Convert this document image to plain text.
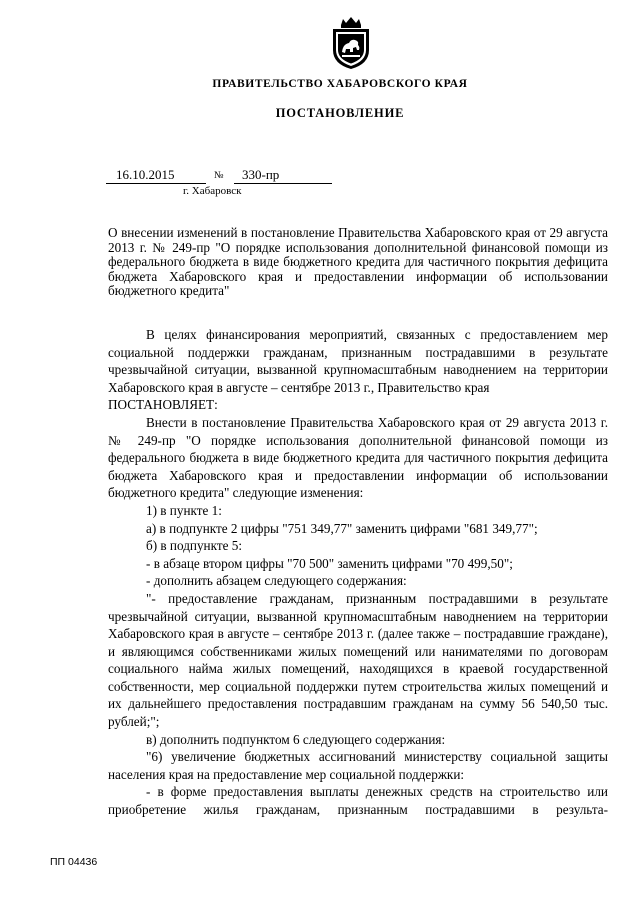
ПРАВИТЕЛЬСТВО ХАБАРОВСКОГО КРАЯ
ПОСТАНОВЛЕНИЕ
16.10.2015	№	330-пр
г. Хабаровск
О внесении изменений в постановление Правительства Хабаровского края от 29 августа 2013 г. № 249-пр "О порядке использования дополнительной финансовой помощи из федерального бюджета в виде бюджетного кредита для частичного покрытия дефицита бюджета Хабаровского края и предоставлении информации об использовании бюджетного кредита"

В целях финансирования мероприятий, связанных с предоставлением мер социальной поддержки гражданам, признанным пострадавшими в результате чрезвычайной ситуации, вызванной крупномасштабным наводнением на территории Хабаровского края в августе – сентябре 2013 г., Правительство края

ПОСТАНОВЛЯЕТ:

Внести в постановление Правительства Хабаровского края от 29 августа 2013 г. № 249-пр "О порядке использования дополнительной финансовой помощи из федерального бюджета в виде бюджетного кредита для частичного покрытия дефицита бюджета Хабаровского края и предоставлении информации об использовании бюджетного кредита" следующие изменения:

1) в пункте 1:

а) в подпункте 2 цифры "751 349,77" заменить цифрами "681 349,77";

б) в подпункте 5:

- в абзаце втором цифры "70 500" заменить цифрами "70 499,50";

- дополнить абзацем следующего содержания:

"- предоставление гражданам, признанным пострадавшими в результате чрезвычайной ситуации, вызванной крупномасштабным наводнением на территории Хабаровского края в августе – сентябре 2013 г. (далее также – пострадавшие граждане), и являющимся собственниками жилых помещений или нанимателями по договорам социального найма жилых помещений, находящихся в краевой государственной собственности, мер социальной поддержки путем строительства жилых помещений и их дальнейшего предоставления пострадавшим гражданам на сумму 56 540,50 тыс. рублей;";

в) дополнить подпунктом 6 следующего содержания:

"6) увеличение бюджетных ассигнований министерству социальной защиты населения края на предоставление мер социальной поддержки:

- в форме предоставления выплаты денежных средств на строительство или приобретение жилья гражданам, признанным пострадавшими в результа-

ПП 04436
